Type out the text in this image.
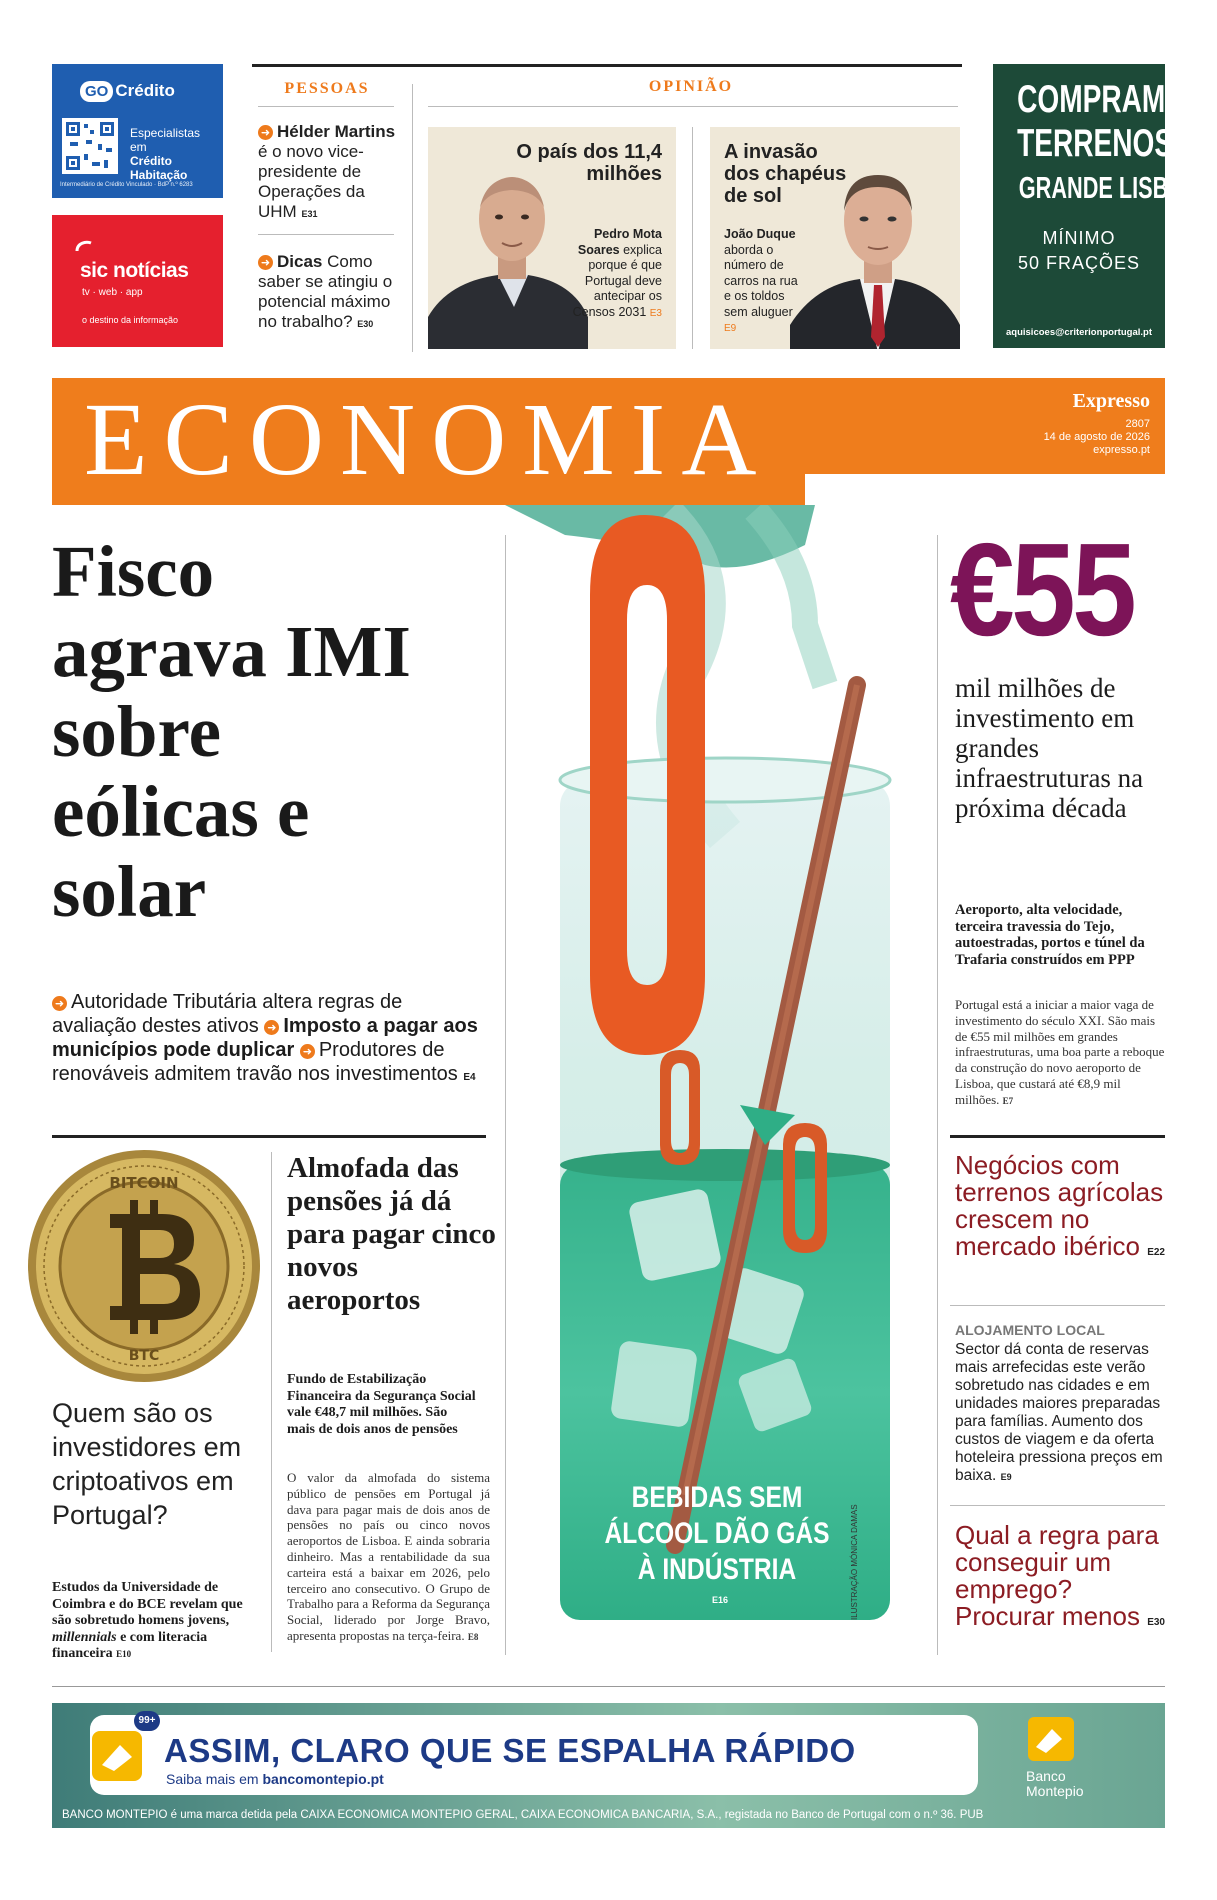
GO Crédito
Especialistas
em
Crédito
Habitação
Intermediário de Crédito Vinculado · BdP n.º 6283
sic notícias
tv · web · app
o destino da informação
PESSOAS
➜ Hélder Martins é o novo vice-presidente de Operações da UHM E31
➜ Dicas Como saber se atingiu o potencial máximo no trabalho? E30
OPINIÃO
O país dos 11,4 milhões
Pedro Mota Soares explica porque é que Portugal deve antecipar os Censos 2031 E3
A invasão dos chapéus de sol
João Duque aborda o número de carros na rua e os toldos sem aluguer E9
COMPRAMOS
TERRENOS
GRANDE LISBOA
MÍNIMO
50 FRAÇÕES
aquisicoes@criterionportugal.pt
ECONOMIA	Expresso
2807
14 de agosto de 2026
expresso.pt
BEBIDAS SEM
ÁLCOOL DÃO GÁS
À INDÚSTRIA
E16	ILUSTRAÇÃO MÓNICA DAMAS
Fisco agrava IMI sobre eólicas e solar
➜ Autoridade Tributária altera regras de avaliação destes ativos ➜ Imposto a pagar aos municípios pode duplicar ➜ Produtores de renováveis admitem travão nos investimentos E4
BITCOIN
BTC
Quem são os investidores em criptoativos em Portugal?
Estudos da Universidade de Coimbra e do BCE revelam que são sobretudo homens jovens, millennials e com literacia financeira E10
Almofada das pensões já dá para pagar cinco novos aeroportos
Fundo de Estabilização Financeira da Segurança Social vale €48,7 mil milhões. São mais de dois anos de pensões
O valor da almofada do sistema público de pensões em Portugal já dava para pagar mais de dois anos de pensões no país ou cinco novos aeroportos de Lisboa. E ainda sobraria dinheiro. Mas a rentabilidade da sua carteira está a baixar em 2026, pelo terceiro ano consecutivo. O Grupo de Trabalho para a Reforma da Segurança Social, liderado por Jorge Bravo, apresenta propostas na terça-feira. E8
€55
mil milhões de investimento em grandes infraestruturas na próxima década
Aeroporto, alta velocidade, terceira travessia do Tejo, autoestradas, portos e túnel da Trafaria construídos em PPP
Portugal está a iniciar a maior vaga de investimento do século XXI. São mais de €55 mil milhões em grandes infraestruturas, uma boa parte a reboque da construção do novo aeroporto de Lisboa, que custará até €8,9 mil milhões. E7
Negócios com terrenos agrícolas crescem no mercado ibérico E22
ALOJAMENTO LOCAL
Sector dá conta de reservas mais arrefecidas este verão sobretudo nas cidades e em unidades maiores preparadas para famílias. Aumento dos custos de viagem e da oferta hoteleira pressiona preços em baixa. E9
Qual a regra para conseguir um emprego? Procurar menos E30
99+
ASSIM, CLARO QUE SE ESPALHA RÁPIDO
Saiba mais em bancomontepio.pt	Banco
Montepio
BANCO MONTEPIO é uma marca detida pela CAIXA ECONÓMICA MONTEPIO GERAL, CAIXA ECONÓMICA BANCÁRIA, S.A., registada no Banco de Portugal com o n.º 36. PUB
